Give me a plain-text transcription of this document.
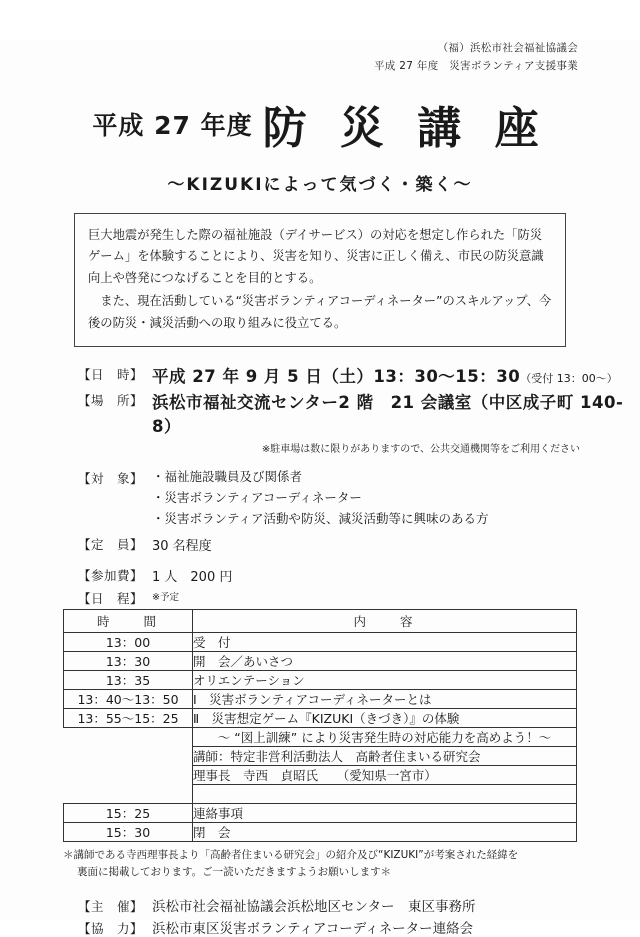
（福）浜松市社会福祉協議会
平成 27 年度　災害ボランティア支援事業
平成 27 年度 防 災 講 座
〜KIZUKIによって気づく・築く〜

巨大地震が発生した際の福祉施設（デイサービス）の対応を想定し作られた「防災ゲーム」を体験することにより、災害を知り、災害に正しく備え、市民の防災意識向上や啓発につなげることを目的とする。

また、現在活動している“災害ボランティアコーディネーター”のスキルアップ、今後の防災・減災活動への取り組みに役立てる。

【日　時】 平成 27 年 9 月 5 日（土）13：30〜15：30（受付 13：00〜）
【場　所】 浜松市福祉交流センター2 階　21 会議室（中区成子町 140-8）
※駐車場は数に限りがありますので、公共交通機関等をご利用ください
【対　象】	・ 福祉施設職員及び関係者
・ 災害ボランティアコーディネーター
・ 災害ボランティア活動や防災、減災活動等に興味のある方
【定　員】 30 名程度
【参加費】 1 人　200 円
【日　程】 ※予定
時　　間	内　　容
13：00	受　付
13：30	開　会／あいさつ
13：35	オリエンテーション
13：40〜13：50	Ⅰ　災害ボランティアコーディネーターとは
13：55〜15：25	Ⅱ　災害想定ゲーム『KIZUKI（きづき）』の体験
	〜 “図上訓練” により災害発生時の対応能力を高めよう！〜
	講師：特定非営利活動法人　高齢者住まいる研究会
	理事長　寺西　貞昭氏　　（愛知県一宮市）

15：25	連絡事項
15：30	閉　会
＊講師である寺西理事長より「高齢者住まいる研究会」の紹介及び“KIZUKI”が考案された経緯を
裏面に掲載しております。ご一読いただきますようお願いします＊
【主　催】 浜松市社会福祉協議会浜松地区センター　東区事務所
【協　力】 浜松市東区災害ボランティアコーディネーター連絡会
